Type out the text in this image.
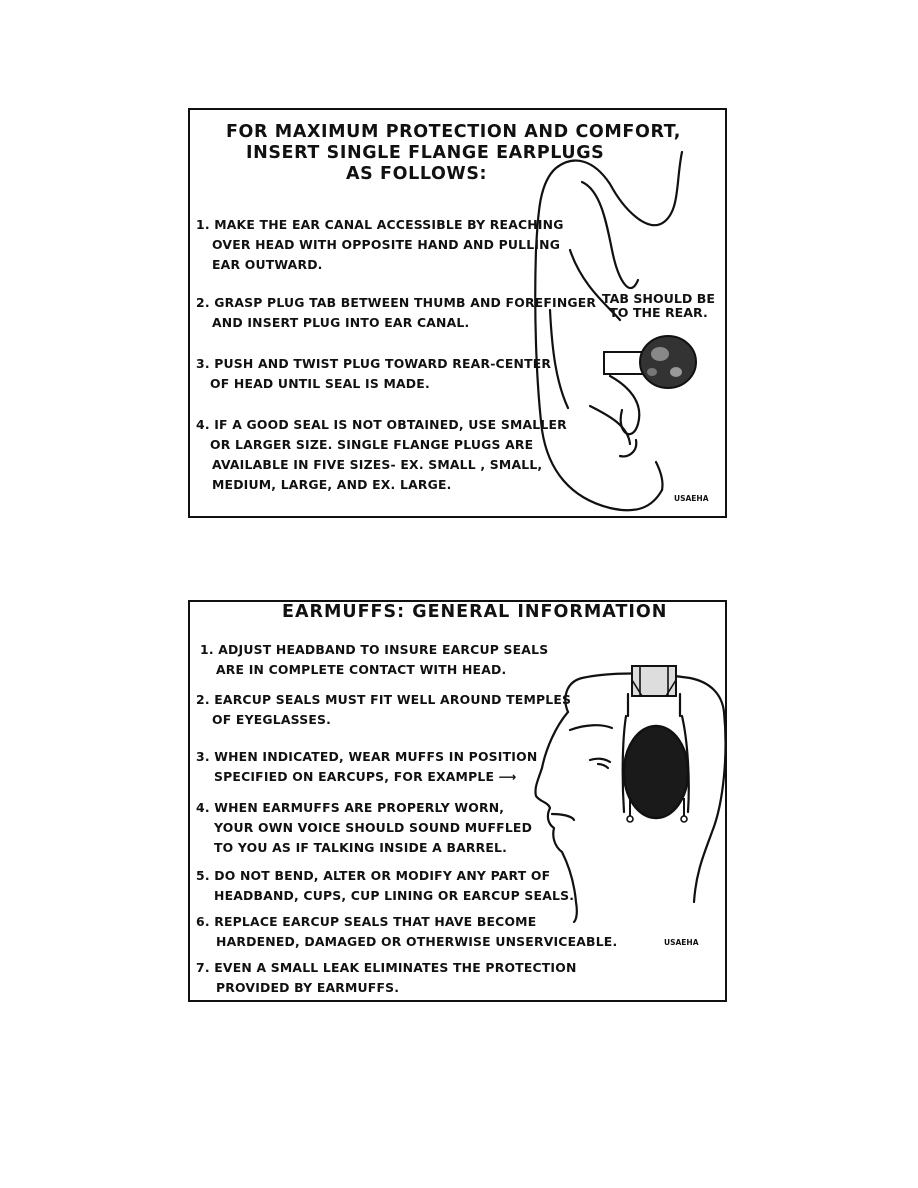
FOR MAXIMUM PROTECTION AND COMFORT,
INSERT SINGLE FLANGE EARPLUGS
AS FOLLOWS:
1. MAKE THE EAR CANAL ACCESSIBLE BY REACHING
OVER HEAD WITH OPPOSITE HAND AND PULLING
EAR OUTWARD.
2. GRASP PLUG TAB BETWEEN THUMB AND FOREFINGER
AND INSERT PLUG INTO EAR CANAL.
3. PUSH AND TWIST PLUG TOWARD REAR-CENTER
OF HEAD UNTIL SEAL IS MADE.
4. IF A GOOD SEAL IS NOT OBTAINED, USE SMALLER
OR LARGER SIZE. SINGLE FLANGE PLUGS ARE
AVAILABLE IN FIVE SIZES- EX. SMALL , SMALL,
MEDIUM, LARGE, AND EX. LARGE.
TAB SHOULD BE
TO THE REAR.
USAEHA
EARMUFFS: GENERAL INFORMATION
1. ADJUST HEADBAND TO INSURE EARCUP SEALS
ARE IN COMPLETE CONTACT WITH HEAD.
2. EARCUP SEALS MUST FIT WELL AROUND TEMPLES
OF EYEGLASSES.
3. WHEN INDICATED, WEAR MUFFS IN POSITION
SPECIFIED ON EARCUPS, FOR EXAMPLE ⟶
4. WHEN EARMUFFS ARE PROPERLY WORN,
YOUR OWN VOICE SHOULD SOUND MUFFLED
TO YOU AS IF TALKING INSIDE A BARREL.
5. DO NOT BEND, ALTER OR MODIFY ANY PART OF
HEADBAND, CUPS, CUP LINING OR EARCUP SEALS.
6. REPLACE EARCUP SEALS THAT HAVE BECOME
HARDENED, DAMAGED OR OTHERWISE UNSERVICEABLE.
7. EVEN A SMALL LEAK ELIMINATES THE PROTECTION
PROVIDED BY EARMUFFS.
USAEHA
